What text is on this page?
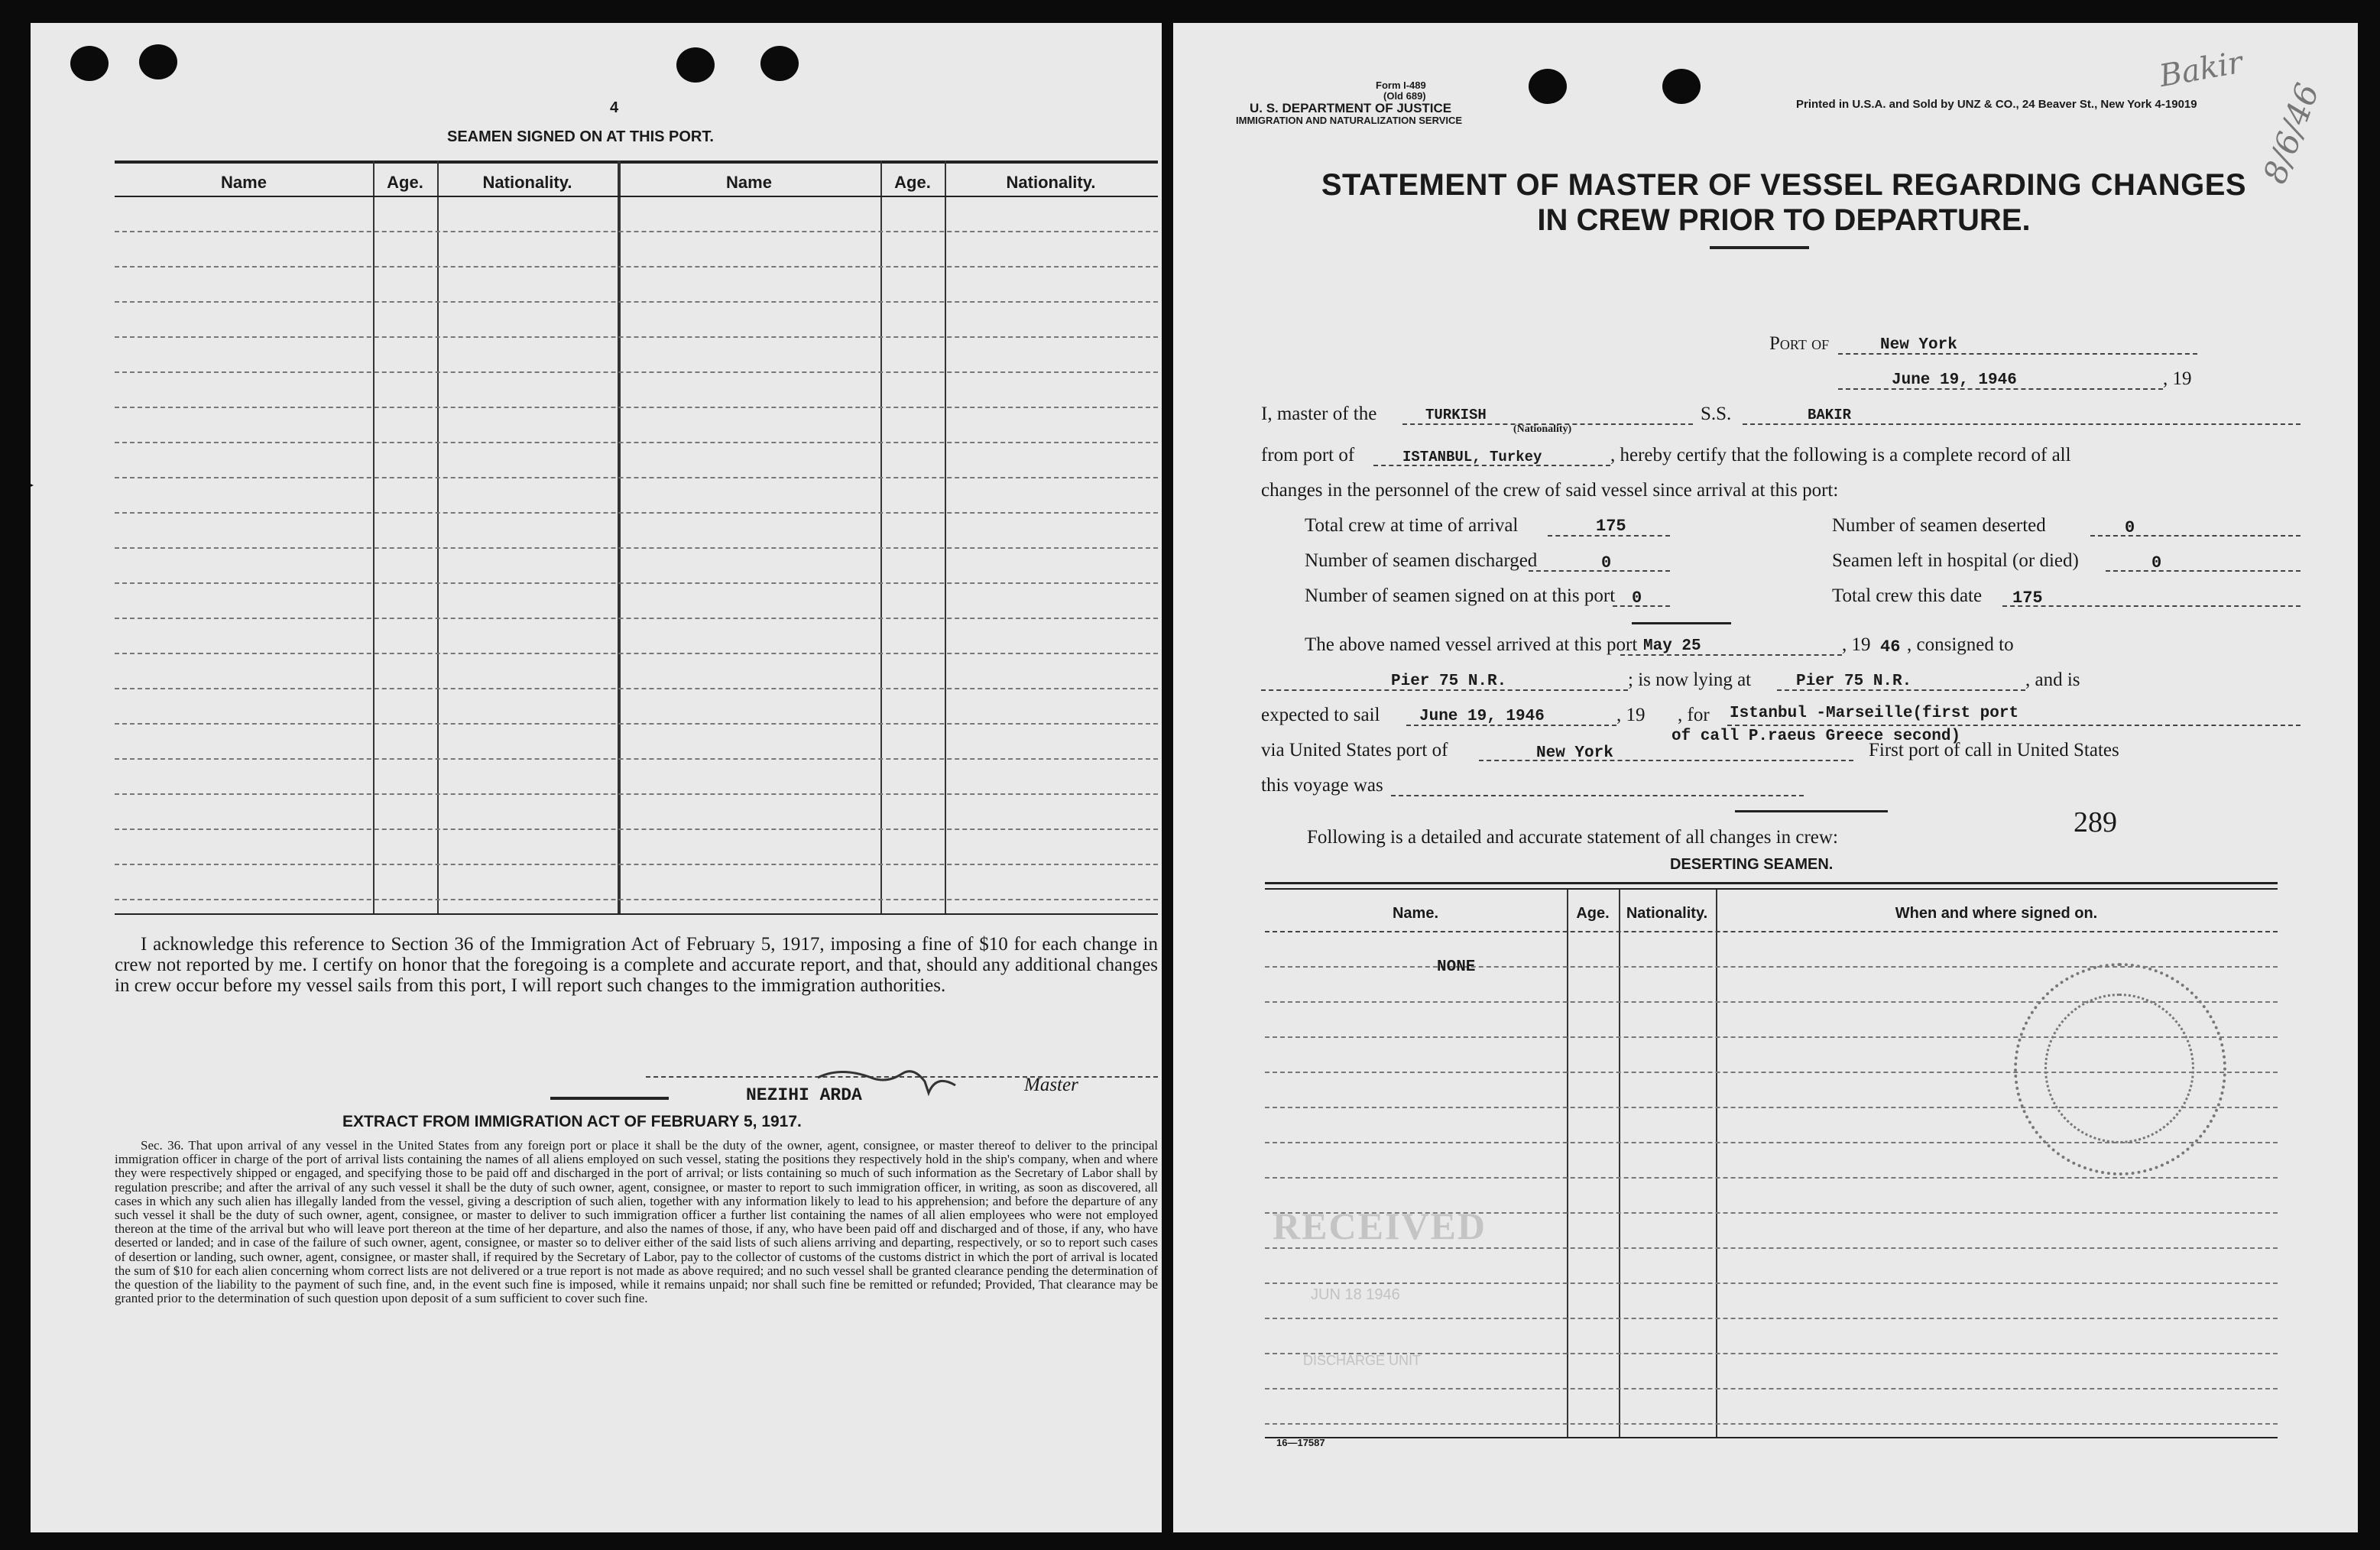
4
SEAMEN SIGNED ON AT THIS PORT.
Name	Age.	Nationality.	Name	Age.	Nationality.
I acknowledge this reference to Section 36 of the Immigration Act of February 5, 1917, imposing a fine of $10 for each change in crew not reported by me. I certify on honor that the foregoing is a complete and accurate report, and that, should any additional changes in crew occur before my vessel sails from this port, I will report such changes to the immigration authorities.
NEZIHI ARDA	Master
EXTRACT FROM IMMIGRATION ACT OF FEBRUARY 5, 1917.
Sec. 36. That upon arrival of any vessel in the United States from any foreign port or place it shall be the duty of the owner, agent, consignee, or master thereof to deliver to the principal immigration officer in charge of the port of arrival lists containing the names of all aliens employed on such vessel, stating the positions they respectively hold in the ship's company, when and where they were respectively shipped or engaged, and specifying those to be paid off and discharged in the port of arrival; or lists containing so much of such information as the Secretary of Labor shall by regulation prescribe; and after the arrival of any such vessel it shall be the duty of such owner, agent, consignee, or master to report to such immigration officer, in writing, as soon as discovered, all cases in which any such alien has illegally landed from the vessel, giving a description of such alien, together with any information likely to lead to his apprehension; and before the departure of any such vessel it shall be the duty of such owner, agent, consignee, or master to deliver to such immigration officer a further list containing the names of all alien employees who were not employed thereon at the time of the arrival but who will leave port thereon at the time of her departure, and also the names of those, if any, who have been paid off and discharged and of those, if any, who have deserted or landed; and in case of the failure of such owner, agent, consignee, or master so to deliver either of the said lists of such aliens arriving and departing, respectively, or so to report such cases of desertion or landing, such owner, agent, consignee, or master shall, if required by the Secretary of Labor, pay to the collector of customs of the customs district in which the port of arrival is located the sum of $10 for each alien concerning whom correct lists are not delivered or a true report is not made as above required; and no such vessel shall be granted clearance pending the determination of the question of the liability to the payment of such fine, and, in the event such fine is imposed, while it remains unpaid; nor shall such fine be remitted or refunded; Provided, That clearance may be granted prior to the determination of such question upon deposit of a sum sufficient to cover such fine.
Form I-489
(Old 689)
U. S. DEPARTMENT OF JUSTICE
IMMIGRATION AND NATURALIZATION SERVICE
Printed in U.S.A. and Sold by UNZ & CO., 24 Beaver St., New York 4-19019
Bakir
8/6/46
STATEMENT OF MASTER OF VESSEL REGARDING CHANGES
IN CREW PRIOR TO DEPARTURE.
Port of	New York
June 19, 1946	, 19
I, master of the	TURKISH
(Nationality)
S.S.	BAKIR
from port of	ISTANBUL, Turkey	, hereby certify that the following is a complete record of all
changes in the personnel of the crew of said vessel since arrival at this port:
Total crew at time of arrival	175	Number of seamen deserted	0
Number of seamen discharged	0	Seamen left in hospital (or died)	0
Number of seamen signed on at this port 0	Total crew this date 175
The above named vessel arrived at this port May 25	, 19 46 , consigned to
Pier 75 N.R.	; is now lying at	Pier 75 N.R.	, and is
expected to sail June 19, 1946	, 19 , for Istanbul -Marseille(first port
of call P.raeus Greece second)
via United States port of	New York	First port of call in United States
this voyage was
289
Following is a detailed and accurate statement of all changes in crew:
DESERTING SEAMEN.
Name.	Age.	Nationality.	When and where signed on.
NONE
RECEIVED
JUN 18 1946
DISCHARGE UNIT
16—17587
